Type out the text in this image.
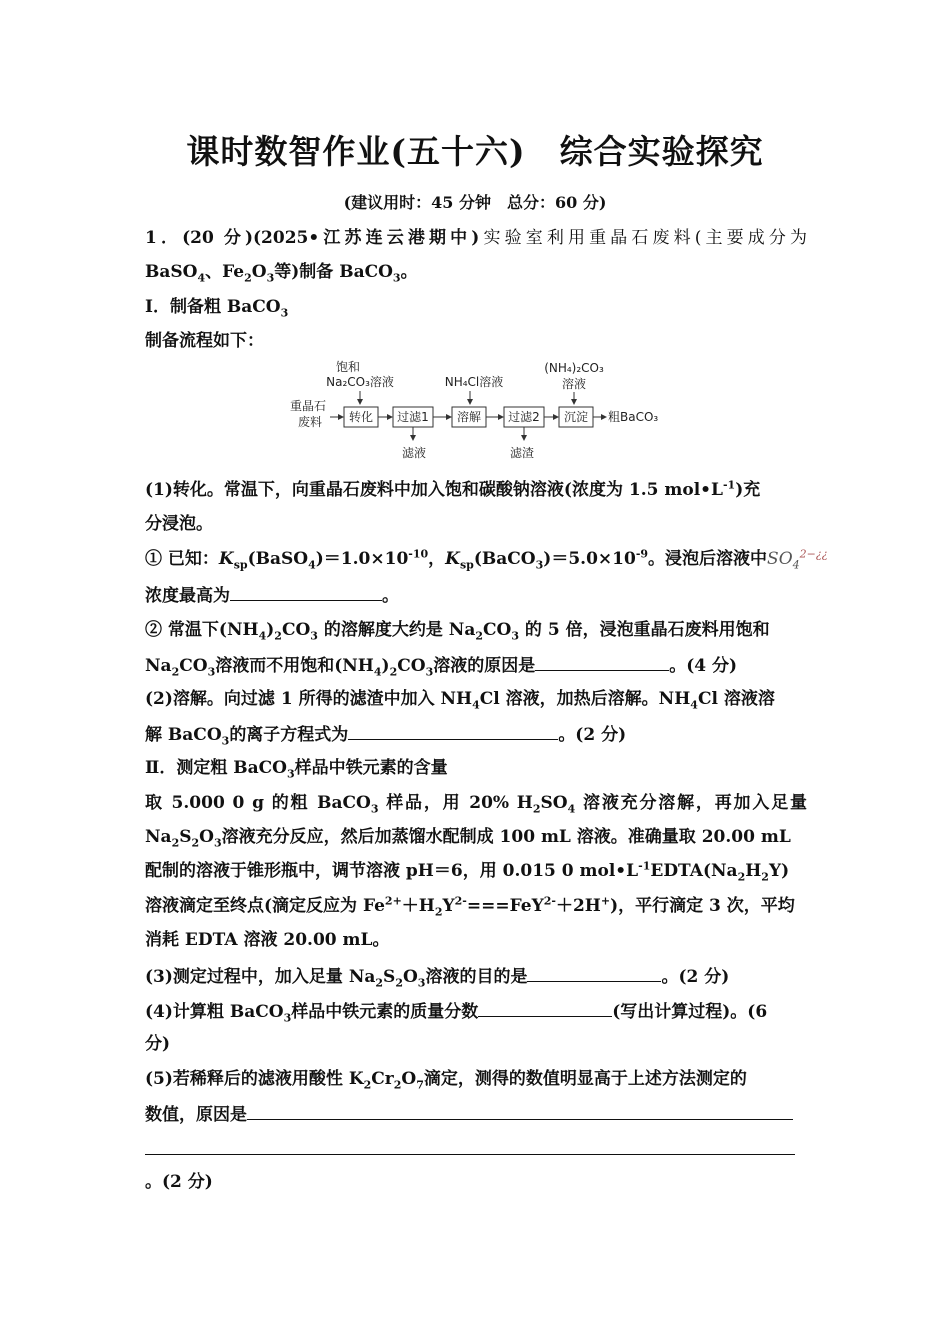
课时数智作业(五十六) 综合实验探究
(建议用时：45 分钟　总分：60 分)
1．(20 分)(2025•江苏连云港期中)实验室利用重晶石废料(主要成分为
BaSO$_4$、$Fe_2O_3$等)制备 BaCO$_3$。
Ⅰ．制备粗 BaCO$_3$
制备流程如下：
饱和
Na₂CO₃溶液	NH₄Cl溶液
(NH₄)₂CO₃
溶液
重晶石
废料 转化 过滤1 溶解 过滤2 沉淀 粗BaCO₃
滤液	滤渣
(1)转化。常温下，向重晶石废料中加入饱和碳酸钠溶液(浓度为 1.5 $mol•L^{-1}$)充
分浸泡。
① 已知：$K_{sp}(BaSO_4)=1.0\times 10^{-10}$，$K_{sp}(BaCO_3)=5.0\times 10^{-9}$。浸泡后溶液中$SO_4^{2-¿¿}$
浓度最高为	。
② 常温下$(NH_4)_2CO_3$ 的溶解度大约是 $Na_2CO_3$ 的 5 倍，浸泡重晶石废料用饱和
$Na_2CO_3$溶液而不用饱和$(NH_4)_2CO_3$溶液的原因是	。(4 分)
(2)溶解。向过滤 1 所得的滤渣中加入 $NH_4Cl$ 溶液，加热后溶解。$NH_4Cl$ 溶液溶
解 BaCO$_3$的离子方程式为	。(2 分)
Ⅱ．测定粗 BaCO$_3$样品中铁元素的含量
取 5.000 0 g 的粗 BaCO$_3$ 样品，用 20% $H_2SO_4$ 溶液充分溶解，再加入足量
$Na_2S_2O_3$溶液充分反应，然后加蒸馏水配制成 100 mL 溶液。准确量取 20.00 mL
配制的溶液于锥形瓶中，调节溶液 pH＝6，用 0.015 0 $mol•L^{-1}EDTA(Na_2H_2Y)$
溶液滴定至终点(滴定反应为 $Fe^{2+}+H_2Y^{2-}===FeY^{2-}+2H^+$)，平行滴定 3 次，平均
消耗 EDTA 溶液 20.00 mL。
(3)测定过程中，加入足量 $Na_2S_2O_3$溶液的目的是	。(2 分)
(4)计算粗 BaCO$_3$样品中铁元素的质量分数	(写出计算过程)。(6
分)
(5)若稀释后的滤液用酸性 $K_2Cr_2O_7$滴定，测得的数值明显高于上述方法测定的
数值，原因是
。(2 分)
